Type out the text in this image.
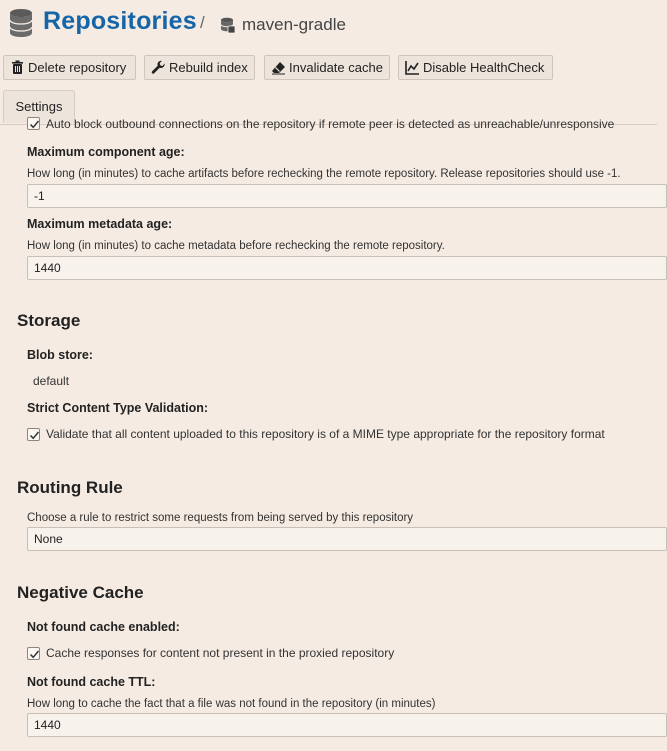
Repositories / maven-gradle
Delete repository	Rebuild index	Invalidate cache	Disable HealthCheck
Settings
Auto block outbound connections on the repository if remote peer is detected as unreachable/unresponsive
Maximum component age:
How long (in minutes) to cache artifacts before rechecking the remote repository. Release repositories should use -1.
-1
Maximum metadata age:
How long (in minutes) to cache metadata before rechecking the remote repository.
1440
Storage
Blob store:
default
Strict Content Type Validation:
Validate that all content uploaded to this repository is of a MIME type appropriate for the repository format
Routing Rule
Choose a rule to restrict some requests from being served by this repository
None
Negative Cache
Not found cache enabled:
Cache responses for content not present in the proxied repository
Not found cache TTL:
How long to cache the fact that a file was not found in the repository (in minutes)
1440
